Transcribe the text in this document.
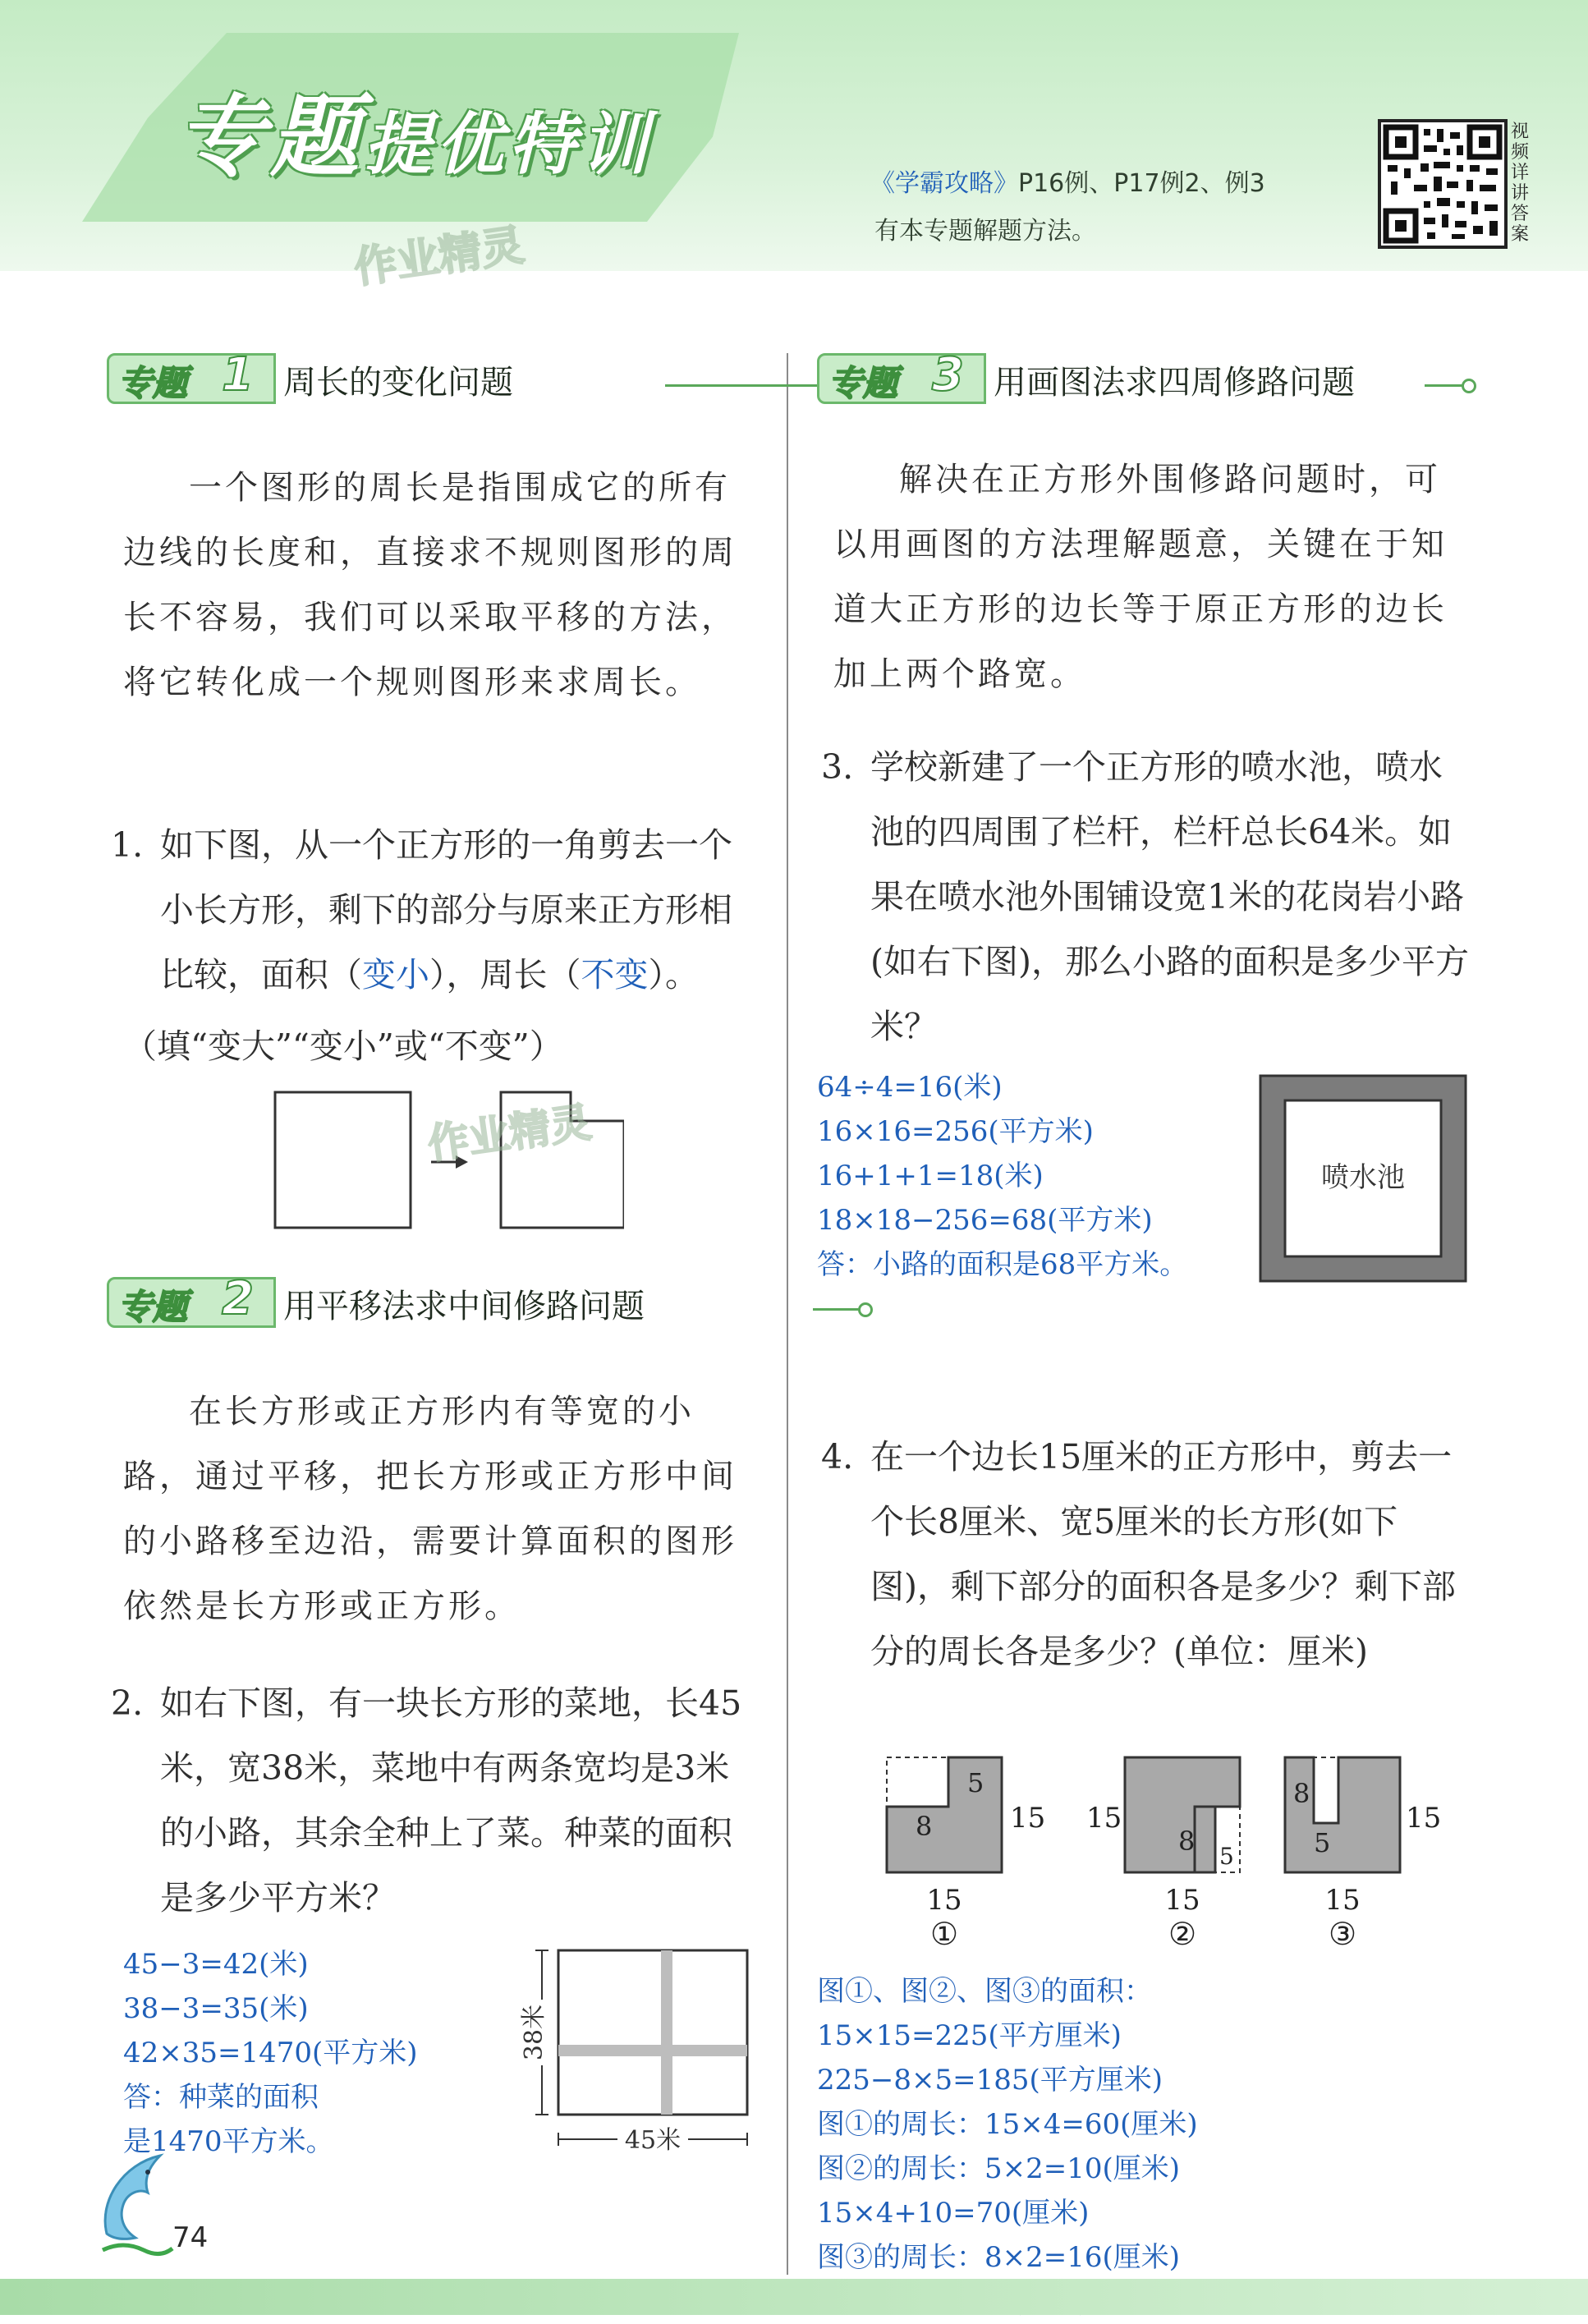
专题提优特训
作业精灵
《学霸攻略》P16例、P17例2、例3
有本专题解题方法。
视
频
详
讲
答
案
专题 1 周长的变化问题
一个图形的周长是指围成它的所有边线的长度和，直接求不规则图形的周长不容易，我们可以采取平移的方法，将它转化成一个规则图形来求周长。
1. 如下图，从一个正方形的一角剪去一个小长方形，剩下的部分与原来正方形相比较，面积（变小），周长（不变）。
（填“变大”“变小”或“不变”）
作业精灵
专题 2 用平移法求中间修路问题
在长方形或正方形内有等宽的小路，通过平移，把长方形或正方形中间的小路移至边沿，需要计算面积的图形依然是长方形或正方形。
2. 如右下图，有一块长方形的菜地，长45米，宽38米，菜地中有两条宽均是3米的小路，其余全种上了菜。种菜的面积是多少平方米？
45−3=42(米)
38−3=35(米)
42×35=1470(平方米)
答：种菜的面积
是1470平方米。
38米
45米
专题 3 用画图法求四周修路问题
解决在正方形外围修路问题时，可以用画图的方法理解题意，关键在于知道大正方形的边长等于原正方形的边长加上两个路宽。
3. 学校新建了一个正方形的喷水池，喷水池的四周围了栏杆，栏杆总长64米。如果在喷水池外围铺设宽1米的花岗岩小路(如右下图)，那么小路的面积是多少平方米？
64÷4=16(米)
16×16=256(平方米)
16+1+1=18(米)
18×18−256=68(平方米)
答：小路的面积是68平方米。
喷水池
4. 在一个边长15厘米的正方形中，剪去一个长8厘米、宽5厘米的长方形(如下图)，剩下部分的面积各是多少？剩下部分的周长各是多少？(单位：厘米)
5
8	15
15
①
8 5
15
15
②
8
5
15
15
③
图①、图②、图③的面积：
15×15=225(平方厘米)
225−8×5=185(平方厘米)
图①的周长：15×4=60(厘米)
图②的周长：5×2=10(厘米)
15×4+10=70(厘米)
图③的周长：8×2=16(厘米)
74
